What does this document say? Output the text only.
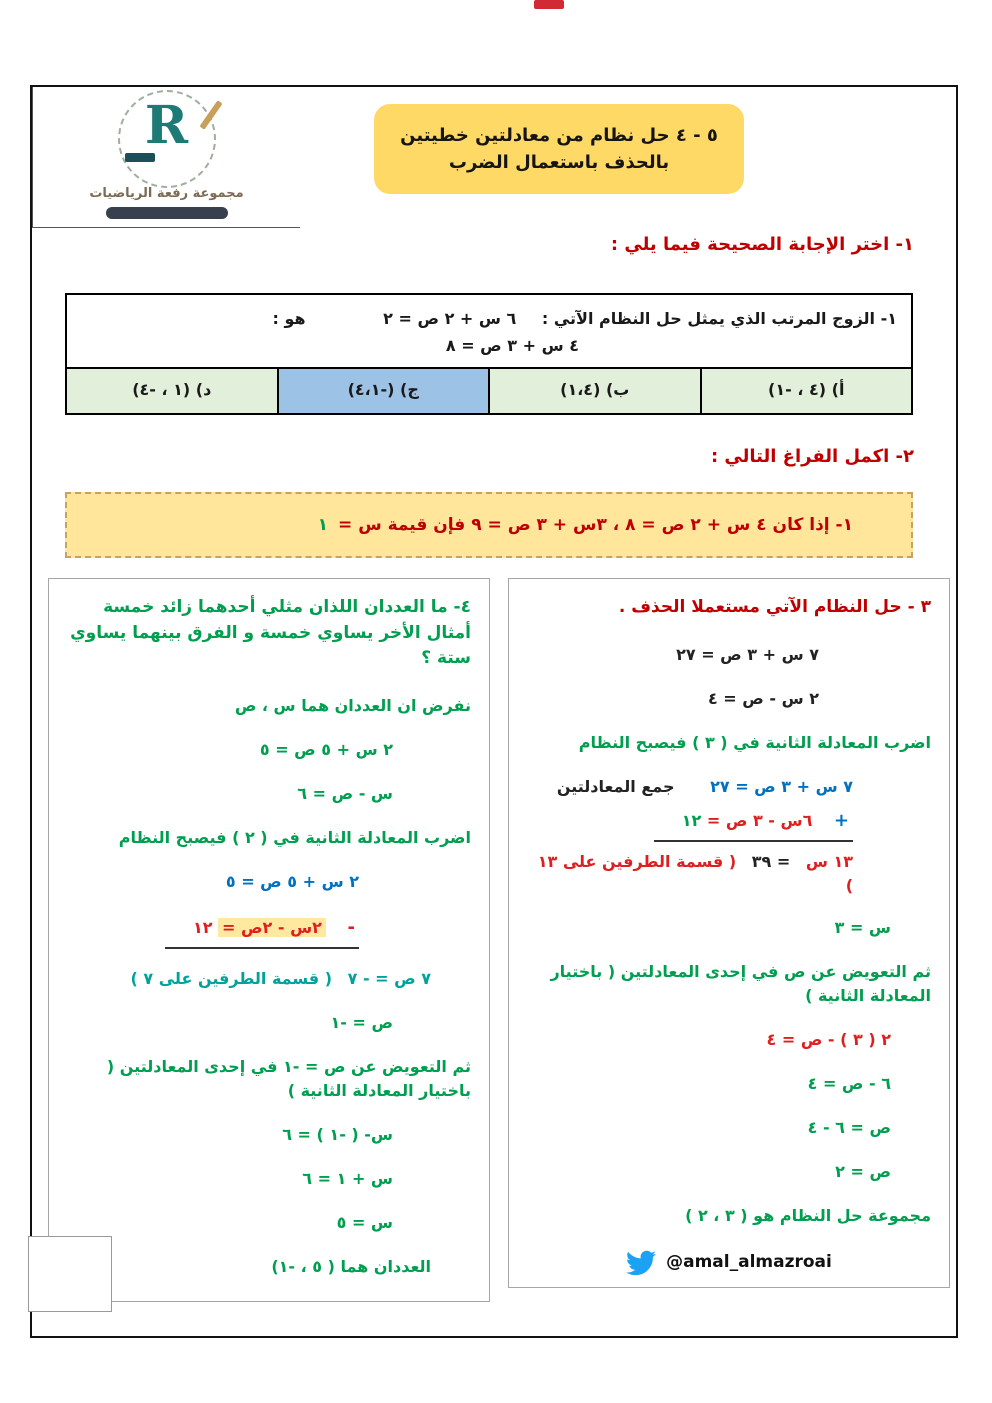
R
مجموعة رفعة الرياضيات
٥ - ٤ حل نظام من معادلتين خطيتين
بالحذف باستعمال الضرب
١- اختر الإجابة الصحيحة فيما يلي :
١- الزوج المرتب الذي يمثل حل النظام الآتي : ٦ س + ٢ ص = ٢ هو :
٤ س + ٣ ص = ٨
أ) (٤ ، -١)
ب) (١،٤)
ج) (-٤،١)
د) (١ ، -٤)
٢- اكمل الفراغ التالي :
١- إذا كان ٤ س + ٢ ص = ٨ ، ٣س + ٣ ص = ٩ فإن قيمة س =
١
٤- ما العددان اللذان مثلي أحدهما زائد خمسة أمثال الأخر يساوي خمسة و الفرق بينهما يساوي ستة ؟
نفرض ان العددان هما س ، ص
٢ س + ٥ ص = ٥
س - ص = ٦
اضرب المعادلة الثانية في ( ٢ ) فيصبح النظام
٢ س + ٥ ص = ٥
- ٢س - ٢ص = ١٢
٧ ص = - ٧ ( قسمة الطرفين على ٧ )
ص = -١
ثم التعويض عن ص = -١ في إحدى المعادلتين ( باختيار المعادلة الثانية )
س- ( -١ ) = ٦
س + ١ = ٦
س = ٥
العددان هما ( ٥ ، -١)
٣ - حل النظام الآتي مستعملا الحذف .
٧ س + ٣ ص = ٢٧
٢ س - ص = ٤
اضرب المعادلة الثانية في ( ٣ ) فيصبح النظام
٧ س + ٣ ص = ٢٧ جمع المعادلتين
+ ٦س - ٣ ص = ١٢
١٣ س = ٣٩ ( قسمة الطرفين على ١٣ )
س = ٣
ثم التعويض عن ص في إحدى المعادلتين ( باختيار المعادلة الثانية )
٢ ( ٣ ) - ص = ٤
٦ - ص = ٤
ص = ٦ - ٤
ص = ٢
مجموعة حل النظام هو ( ٣ ، ٢ )
@amal_almazroai
